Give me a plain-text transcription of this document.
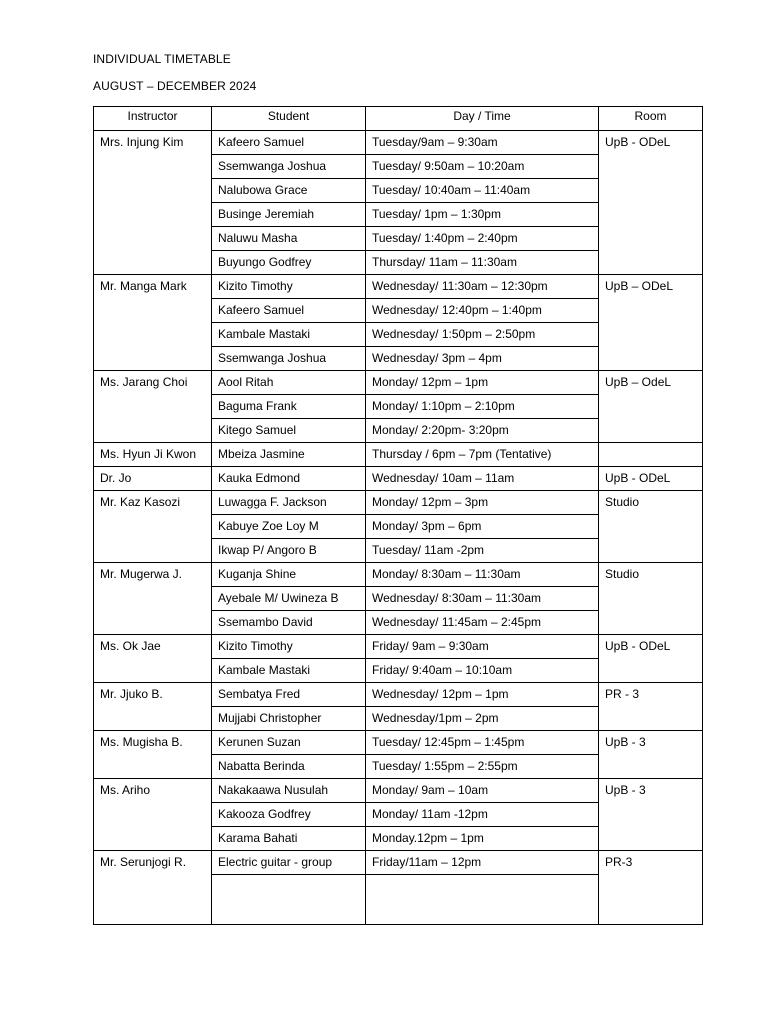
INDIVIDUAL TIMETABLE
AUGUST – DECEMBER 2024
Instructor	Student	Day / Time	Room
Mrs. Injung Kim	Kafeero Samuel	Tuesday/9am – 9:30am	UpB - ODeL
	Ssemwanga Joshua	Tuesday/ 9:50am – 10:20am	
	Nalubowa Grace	Tuesday/ 10:40am – 11:40am	
	Businge Jeremiah	Tuesday/ 1pm – 1:30pm	
	Naluwu Masha	Tuesday/ 1:40pm – 2:40pm	
	Buyungo Godfrey	Thursday/ 11am – 11:30am	
Mr. Manga Mark	Kizito Timothy	Wednesday/ 11:30am – 12:30pm	UpB – ODeL
	Kafeero Samuel	Wednesday/ 12:40pm – 1:40pm	
	Kambale Mastaki	Wednesday/ 1:50pm – 2:50pm	
	Ssemwanga Joshua	Wednesday/ 3pm – 4pm	
Ms. Jarang Choi	Aool Ritah	Monday/ 12pm – 1pm	UpB – OdeL
	Baguma Frank	Monday/ 1:10pm – 2:10pm	
	Kitego Samuel	Monday/ 2:20pm- 3:20pm	
Ms. Hyun Ji Kwon	Mbeiza Jasmine	Thursday / 6pm – 7pm (Tentative)	
Dr. Jo	Kauka Edmond	Wednesday/ 10am – 11am	UpB - ODeL
Mr. Kaz Kasozi	Luwagga F. Jackson	Monday/ 12pm – 3pm	Studio
	Kabuye Zoe Loy M	Monday/ 3pm – 6pm	
	Ikwap P/ Angoro B	Tuesday/ 11am -2pm	
Mr. Mugerwa J.	Kuganja Shine	Monday/ 8:30am – 11:30am	Studio
	Ayebale M/ Uwineza B	Wednesday/ 8:30am – 11:30am	
	Ssemambo David	Wednesday/ 11:45am – 2:45pm	
Ms. Ok Jae	Kizito Timothy	Friday/ 9am – 9:30am	UpB - ODeL
	Kambale Mastaki	Friday/ 9:40am – 10:10am	
Mr. Jjuko B.	Sembatya Fred	Wednesday/ 12pm – 1pm	PR - 3
	Mujjabi Christopher	Wednesday/1pm – 2pm	
Ms. Mugisha B.	Kerunen Suzan	Tuesday/ 12:45pm – 1:45pm	UpB - 3
	Nabatta Berinda	Tuesday/ 1:55pm – 2:55pm	
Ms. Ariho	Nakakaawa Nusulah	Monday/ 9am – 10am	UpB - 3
	Kakooza Godfrey	Monday/ 11am -12pm	
	Karama Bahati	Monday.12pm – 1pm	
Mr. Serunjogi R.	Electric guitar - group	Friday/11am – 12pm	PR-3
